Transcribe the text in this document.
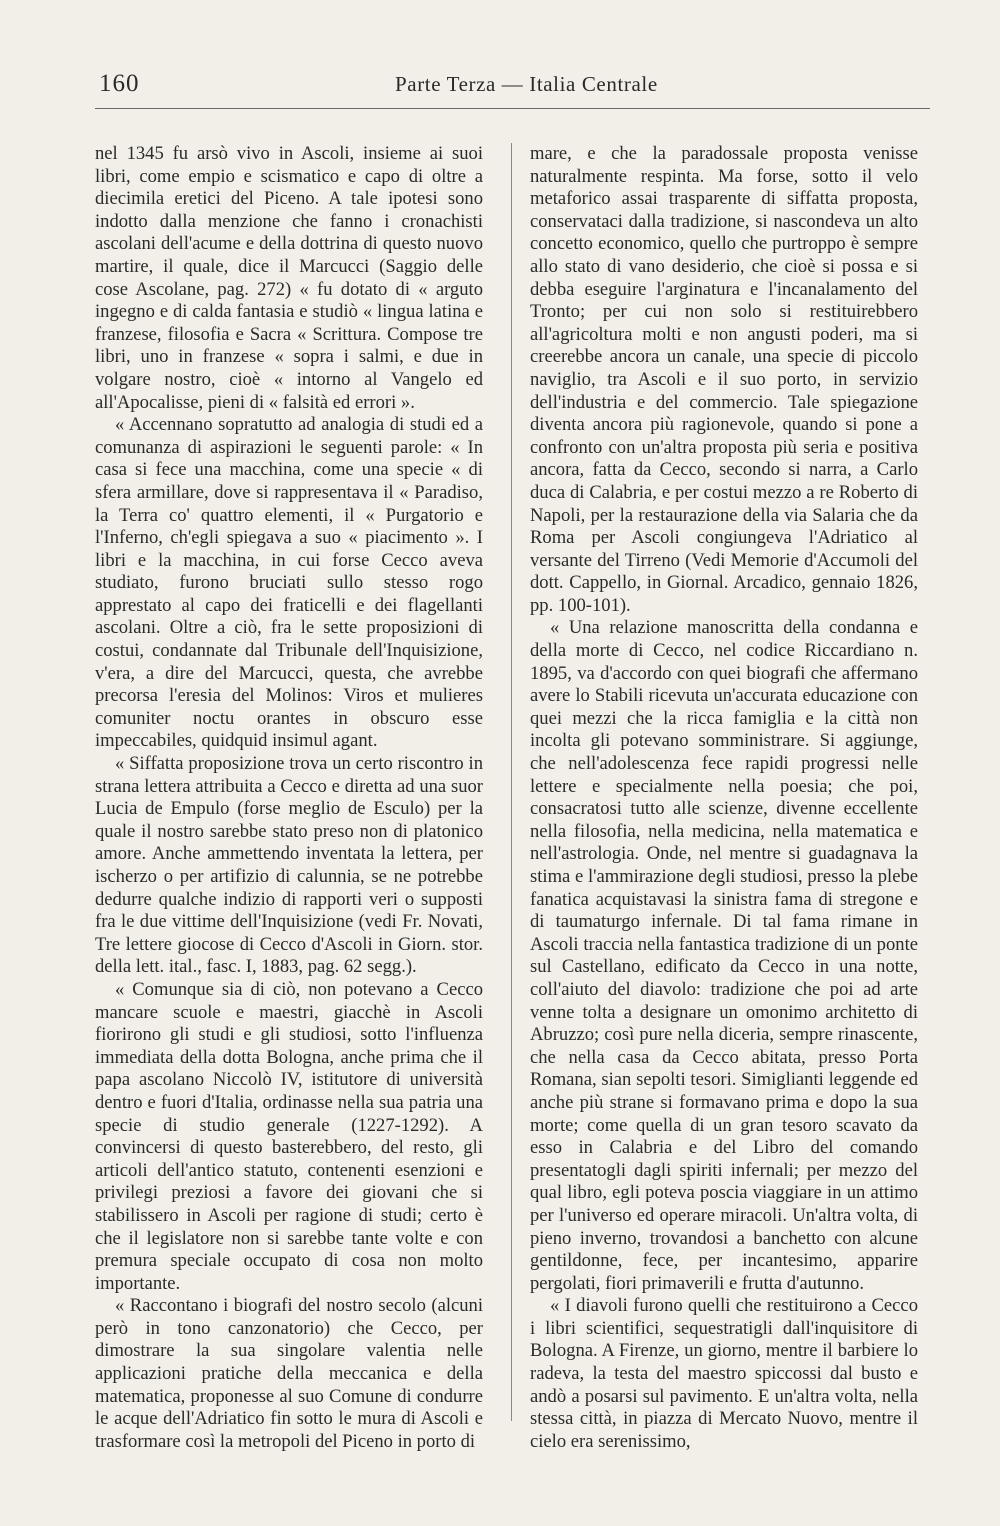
160	Parte Terza — Italia Centrale

nel 1345 fu arsò vivo in Ascoli, insieme ai suoi libri, come empio e scismatico e capo di oltre a diecimila eretici del Piceno. A tale ipotesi sono indotto dalla menzione che fanno i cronachisti ascolani dell'acume e della dottrina di questo nuovo martire, il quale, dice il Marcucci (Saggio delle cose Ascolane, pag. 272) « fu dotato di « arguto ingegno e di calda fantasia e studiò « lingua latina e franzese, filosofia e Sacra « Scrittura. Compose tre libri, uno in franzese « sopra i salmi, e due in volgare nostro, cioè « intorno al Vangelo ed all'Apocalisse, pieni di « falsità ed errori ».

« Accennano sopratutto ad analogia di studi ed a comunanza di aspirazioni le seguenti parole: « In casa si fece una macchina, come una specie « di sfera armillare, dove si rappresentava il « Paradiso, la Terra co' quattro elementi, il « Purgatorio e l'Inferno, ch'egli spiegava a suo « piacimento ». I libri e la macchina, in cui forse Cecco aveva studiato, furono bruciati sullo stesso rogo apprestato al capo dei fraticelli e dei flagellanti ascolani. Oltre a ciò, fra le sette proposizioni di costui, condannate dal Tribunale dell'Inquisizione, v'era, a dire del Marcucci, questa, che avrebbe precorsa l'eresia del Molinos: Viros et mulieres comuniter noctu orantes in obscuro esse impeccabiles, quidquid insimul agant.

« Siffatta proposizione trova un certo riscontro in strana lettera attribuita a Cecco e diretta ad una suor Lucia de Empulo (forse meglio de Esculo) per la quale il nostro sarebbe stato preso non di platonico amore. Anche ammettendo inventata la lettera, per ischerzo o per artifizio di calunnia, se ne potrebbe dedurre qualche indizio di rapporti veri o supposti fra le due vittime dell'Inquisizione (vedi Fr. Novati, Tre lettere giocose di Cecco d'Ascoli in Giorn. stor. della lett. ital., fasc. I, 1883, pag. 62 segg.).

« Comunque sia di ciò, non potevano a Cecco mancare scuole e maestri, giacchè in Ascoli fiorirono gli studi e gli studiosi, sotto l'influenza immediata della dotta Bologna, anche prima che il papa ascolano Niccolò IV, istitutore di università dentro e fuori d'Italia, ordinasse nella sua patria una specie di studio generale (1227-1292). A convincersi di questo basterebbero, del resto, gli articoli dell'antico statuto, contenenti esenzioni e privilegi preziosi a favore dei giovani che si stabilissero in Ascoli per ragione di studi; certo è che il legislatore non si sarebbe tante volte e con premura speciale occupato di cosa non molto importante.

« Raccontano i biografi del nostro secolo (alcuni però in tono canzonatorio) che Cecco, per dimostrare la sua singolare valentia nelle applicazioni pratiche della meccanica e della matematica, proponesse al suo Comune di condurre le acque dell'Adriatico fin sotto le mura di Ascoli e trasformare così la metropoli del Piceno in porto di

mare, e che la paradossale proposta venisse naturalmente respinta. Ma forse, sotto il velo metaforico assai trasparente di siffatta proposta, conservataci dalla tradizione, si nascondeva un alto concetto economico, quello che purtroppo è sempre allo stato di vano desiderio, che cioè si possa e si debba eseguire l'arginatura e l'incanalamento del Tronto; per cui non solo si restituirebbero all'agricoltura molti e non angusti poderi, ma si creerebbe ancora un canale, una specie di piccolo naviglio, tra Ascoli e il suo porto, in servizio dell'industria e del commercio. Tale spiegazione diventa ancora più ragionevole, quando si pone a confronto con un'altra proposta più seria e positiva ancora, fatta da Cecco, secondo si narra, a Carlo duca di Calabria, e per costui mezzo a re Roberto di Napoli, per la restaurazione della via Salaria che da Roma per Ascoli congiungeva l'Adriatico al versante del Tirreno (Vedi Memorie d'Accumoli del dott. Cappello, in Giornal. Arcadico, gennaio 1826, pp. 100-101).

« Una relazione manoscritta della condanna e della morte di Cecco, nel codice Riccardiano n. 1895, va d'accordo con quei biografi che affermano avere lo Stabili ricevuta un'accurata educazione con quei mezzi che la ricca famiglia e la città non incolta gli potevano somministrare. Si aggiunge, che nell'adolescenza fece rapidi progressi nelle lettere e specialmente nella poesia; che poi, consacratosi tutto alle scienze, divenne eccellente nella filosofia, nella medicina, nella matematica e nell'astrologia. Onde, nel mentre si guadagnava la stima e l'ammirazione degli studiosi, presso la plebe fanatica acquistavasi la sinistra fama di stregone e di taumaturgo infernale. Di tal fama rimane in Ascoli traccia nella fantastica tradizione di un ponte sul Castellano, edificato da Cecco in una notte, coll'aiuto del diavolo: tradizione che poi ad arte venne tolta a designare un omonimo architetto di Abruzzo; così pure nella diceria, sempre rinascente, che nella casa da Cecco abitata, presso Porta Romana, sian sepolti tesori. Simiglianti leggende ed anche più strane si formavano prima e dopo la sua morte; come quella di un gran tesoro scavato da esso in Calabria e del Libro del comando presentatogli dagli spiriti infernali; per mezzo del qual libro, egli poteva poscia viaggiare in un attimo per l'universo ed operare miracoli. Un'altra volta, di pieno inverno, trovandosi a banchetto con alcune gentildonne, fece, per incantesimo, apparire pergolati, fiori primaverili e frutta d'autunno.

« I diavoli furono quelli che restituirono a Cecco i libri scientifici, sequestratigli dall'inquisitore di Bologna. A Firenze, un giorno, mentre il barbiere lo radeva, la testa del maestro spiccossi dal busto e andò a posarsi sul pavimento. E un'altra volta, nella stessa città, in piazza di Mercato Nuovo, mentre il cielo era serenissimo,
